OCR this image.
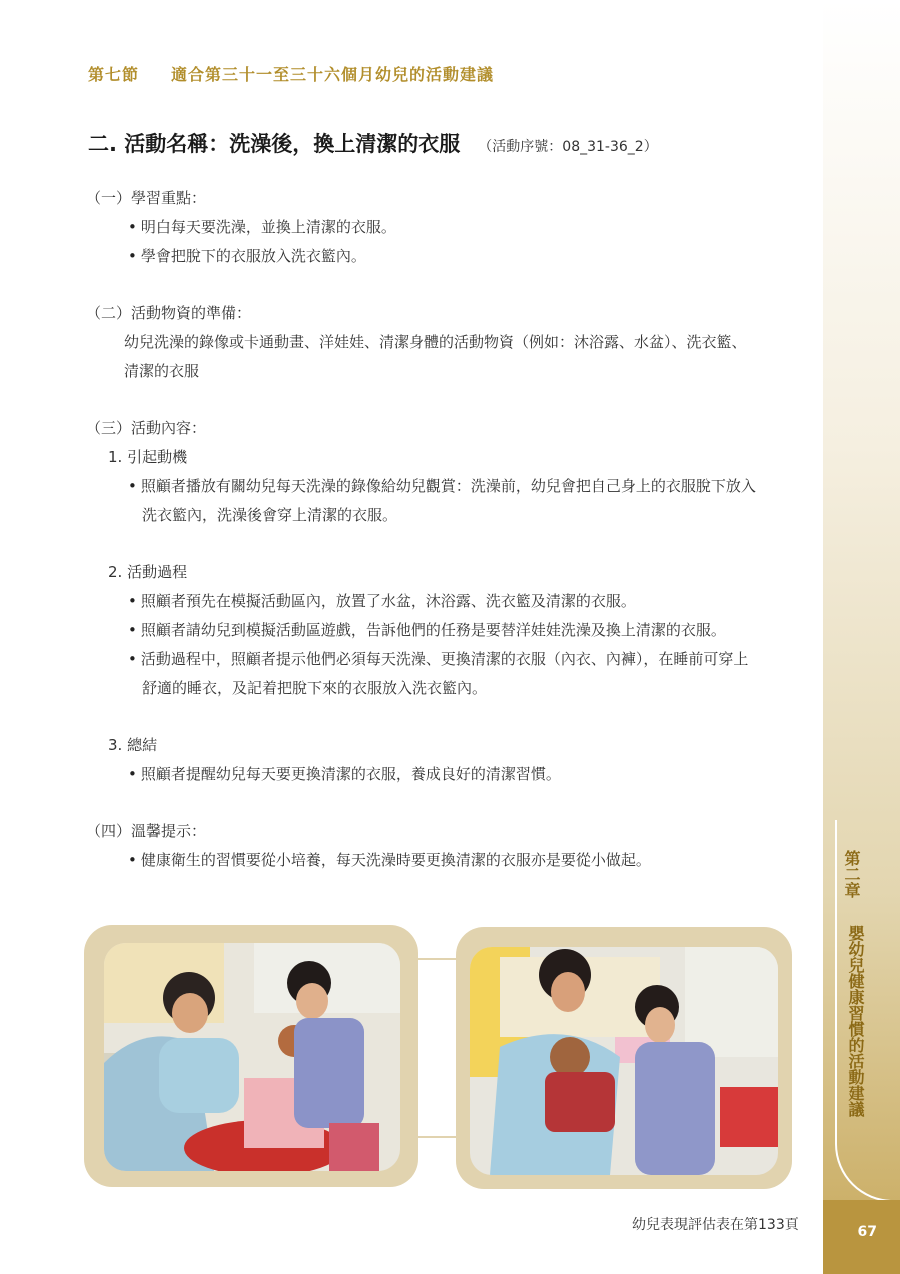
第七節 適合第三十一至三十六個月幼兒的活動建議
二. 活動名稱：洗澡後，換上清潔的衣服 （活動序號：08_31-36_2）
（一）學習重點：
• 明白每天要洗澡，並換上清潔的衣服。
• 學會把脫下的衣服放入洗衣籃內。
（二）活動物資的準備：
幼兒洗澡的錄像或卡通動畫、洋娃娃、清潔身體的活動物資（例如：沐浴露、水盆）、洗衣籃、
清潔的衣服
（三）活動內容：
1. 引起動機
• 照顧者播放有關幼兒每天洗澡的錄像給幼兒觀賞：洗澡前，幼兒會把自己身上的衣服脫下放入
洗衣籃內，洗澡後會穿上清潔的衣服。
2. 活動過程
• 照顧者預先在模擬活動區內，放置了水盆，沐浴露、洗衣籃及清潔的衣服。
• 照顧者請幼兒到模擬活動區遊戲，告訴他們的任務是要替洋娃娃洗澡及換上清潔的衣服。
• 活動過程中，照顧者提示他們必須每天洗澡、更換清潔的衣服（內衣、內褲），在睡前可穿上
舒適的睡衣，及記着把脫下來的衣服放入洗衣籃內。
3. 總結
• 照顧者提醒幼兒每天要更換清潔的衣服，養成良好的清潔習慣。
（四）溫馨提示：
• 健康衛生的習慣要從小培養，每天洗澡時要更換清潔的衣服亦是要從小做起。
幼兒表現評估表在第133頁
第二章
嬰幼兒健康習慣的活動建議
67
